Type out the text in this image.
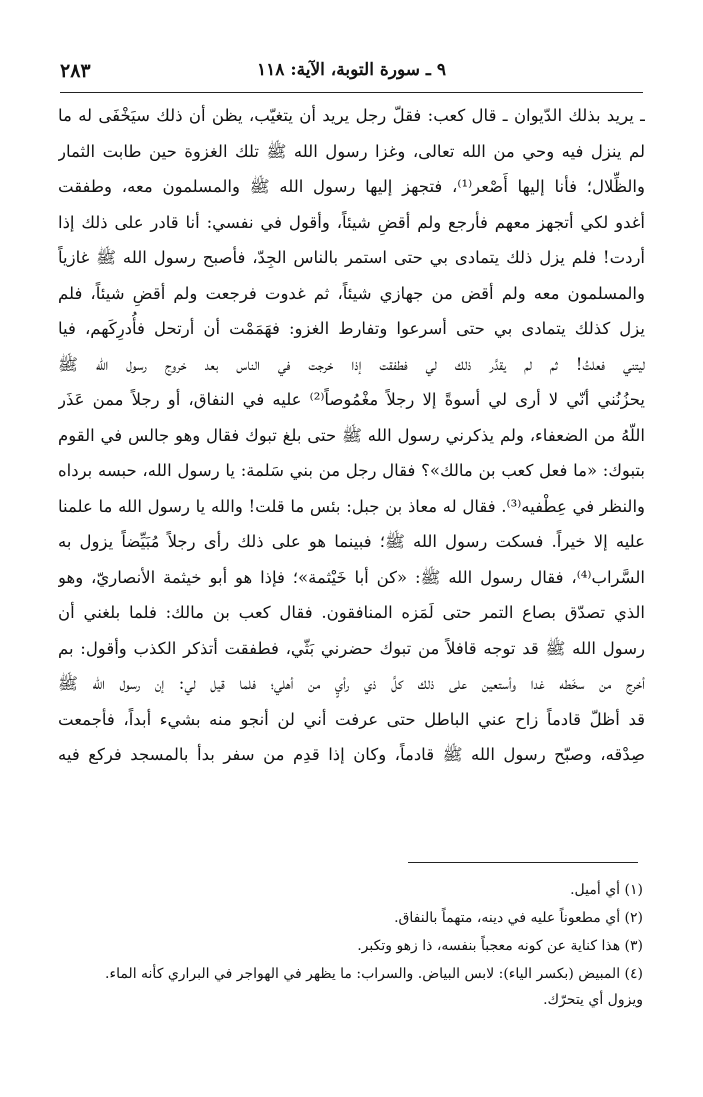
٩ ـ سورة التوبة، الآية: ١١٨
٢٨٣
ـ يريد بذلك الدّيوان ـ قال كعب: فقلّ رجل يريد أن يتغيّب، يظن أن ذلك سيَخْفَى له ما
لم ينزل فيه وحي من الله تعالى، وغزا رسول الله ﷺ تلك الغزوة حين طابت الثمار
والظِّلال؛ فأنا إليها أَصْعر⁽¹⁾، فتجهز إليها رسول الله ﷺ والمسلمون معه، وطفقت
أغدو لكي أتجهز معهم فأرجع ولم أقضِ شيئاً، وأقول في نفسي: أنا قادر على ذلك إذا
أردت! فلم يزل ذلك يتمادى بي حتى استمر بالناس الجِدّ، فأصبح رسول الله ﷺ غازياً
والمسلمون معه ولم أقض من جهازي شيئاً، ثم غدوت فرجعت ولم أقضِ شيئاً، فلم
يزل كذلك يتمادى بي حتى أسرعوا وتفارط الغزو: فهَمَمْت أن أرتحل فأُدرِكَهم، فيا
ليتني فعلتُ! ثم لم يقدَّر ذلك لي فطفقت إذا خرجت في الناس بعد خروج رسول الله ﷺ
يحزُنُني أنّي لا أرى لي أسوةً إلا رجلاً مغْمُوصاً⁽²⁾ عليه في النفاق، أو رجلاً ممن عَذَر
اللّهُ من الضعفاء، ولم يذكرني رسول الله ﷺ حتى بلغ تبوك فقال وهو جالس في القوم
بتبوك: «ما فعل كعب بن مالك»؟ فقال رجل من بني سَلمة: يا رسول الله، حبسه برداه
والنظر في عِطْفيه⁽³⁾. فقال له معاذ بن جبل: بئس ما قلت! والله يا رسول الله ما علمنا
عليه إلا خيراً. فسكت رسول الله ﷺ؛ فبينما هو على ذلك رأى رجلاً مُبَيِّضاً يزول به
السَّراب⁽⁴⁾، فقال رسول الله ﷺ: «كن أبا خَيْثمة»؛ فإذا هو أبو خيثمة الأنصاريّ، وهو
الذي تصدّق بصاع التمر حتى لَمَزه المنافقون. فقال كعب بن مالك: فلما بلغني أن
رسول الله ﷺ قد توجه قافلاً من تبوك حضرني بَثّي، فطفقت أتذكر الكذب وأقول: بم
أخرج من سخَطه غدا وأستعين على ذلك كلَّ ذي رأيٍ من أهلي؛ فلما قيل لي: إن رسول الله ﷺ
قد أظلّ قادماً زاح عني الباطل حتى عرفت أني لن أنجو منه بشيء أبداً، فأجمعت
صِدْقه، وصبّح رسول الله ﷺ قادماً، وكان إذا قدِم من سفر بدأ بالمسجد فركع فيه
(١) أي أميل.
(٢) أي مطعوناً عليه في دينه، متهماً بالنفاق.
(٣) هذا كناية عن كونه معجباً بنفسه، ذا زهو وتكبر.
(٤) المبيض (بكسر الياء): لابس البياض. والسراب: ما يظهر في الهواجر في البراري كأنه الماء.
ويزول أي يتحرّك.
